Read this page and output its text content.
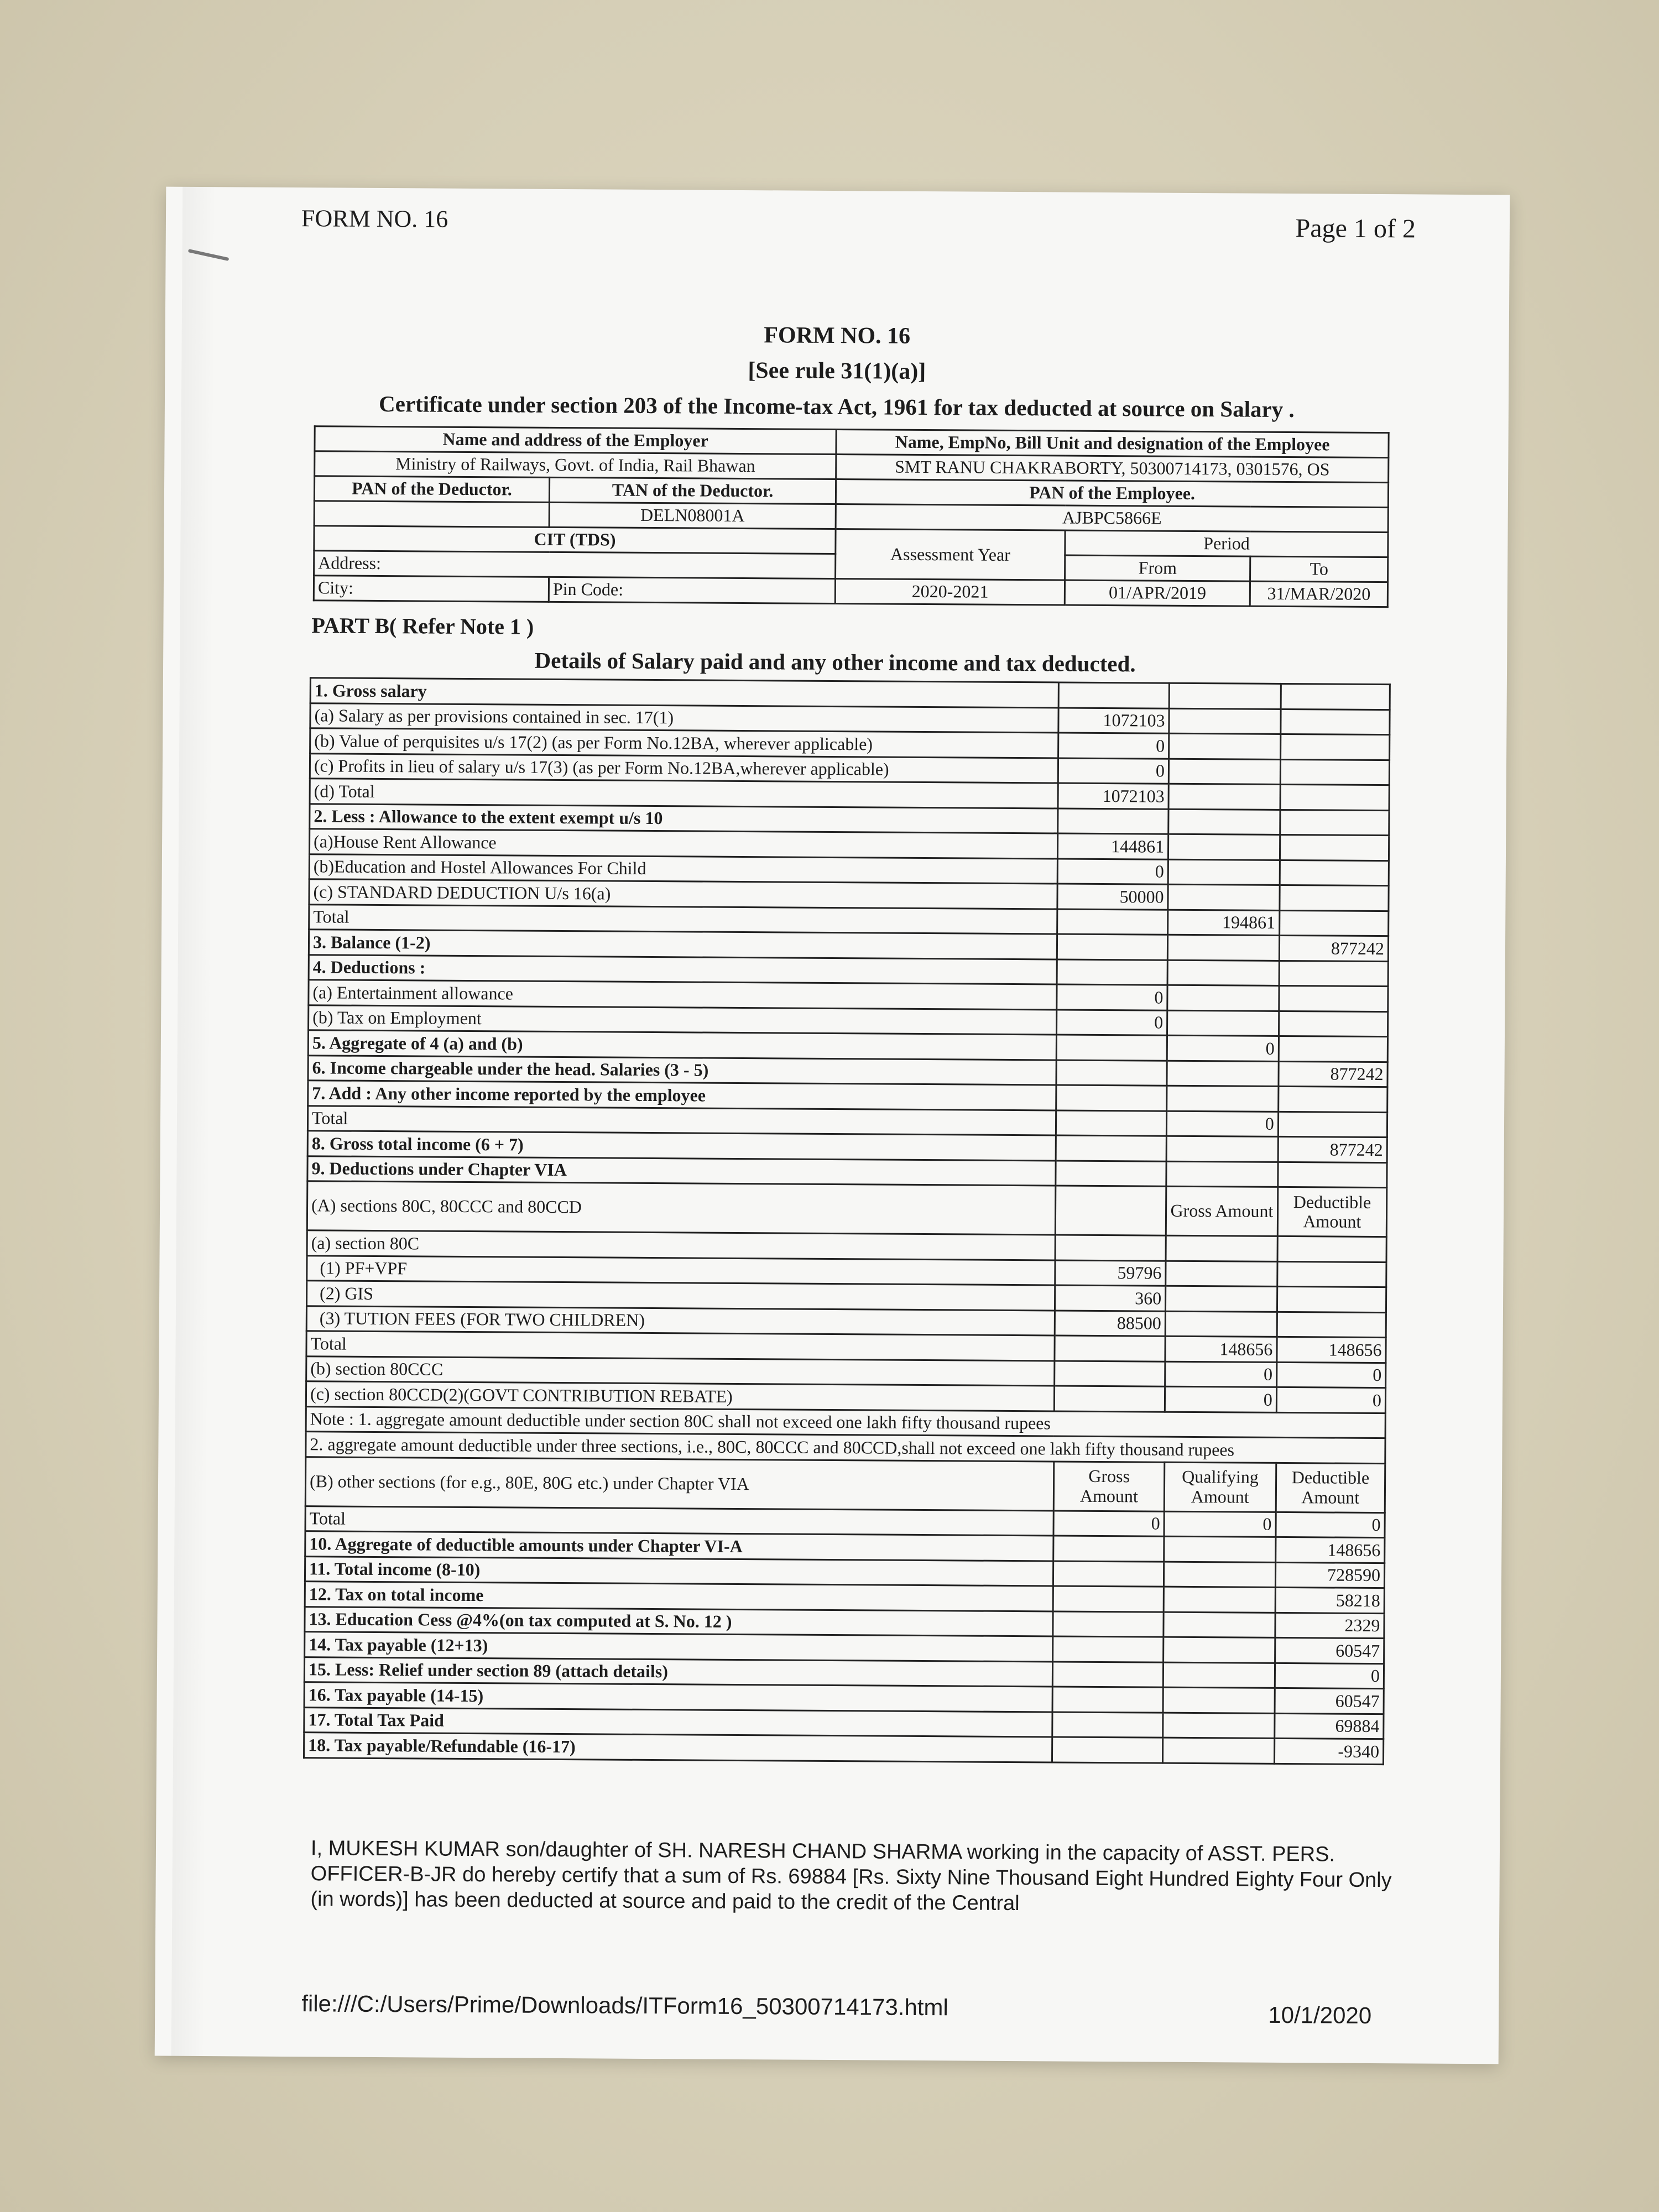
FORM NO. 16	Page 1 of 2
FORM NO. 16
[See rule 31(1)(a)]
Certificate under section 203 of the Income-tax Act, 1961 for tax deducted at source on Salary .
Name and address of the Employer		Name, EmpNo, Bill Unit and designation of the Employee		
Ministry of Railways, Govt. of India, Rail Bhawan		SMT RANU CHAKRABORTY, 50300714173, 0301576, OS		
PAN of the Deductor.	TAN of the Deductor.	PAN of the Employee.		
	DELN08001A	AJBPC5866E		
CIT (TDS)		Assessment Year	Period	
Address:			From	To
City:	Pin Code:	2020-2021	01/APR/2019	31/MAR/2020
PART B( Refer Note 1 )
Details of Salary paid and any other income and tax deducted.
1. Gross salary			
(a) Salary as per provisions contained in sec. 17(1)	1072103		
(b) Value of perquisites u/s 17(2) (as per Form No.12BA, wherever applicable)	0		
(c) Profits in lieu of salary u/s 17(3) (as per Form No.12BA,wherever applicable)	0		
(d) Total	1072103		
2. Less : Allowance to the extent exempt u/s 10			
(a)House Rent Allowance	144861		
(b)Education and Hostel Allowances For Child	0		
(c) STANDARD DEDUCTION U/s 16(a)	50000		
Total		194861	
3. Balance (1-2)			877242
4. Deductions :			
(a) Entertainment allowance	0		
(b) Tax on Employment	0		
5. Aggregate of 4 (a) and (b)		0	
6. Income chargeable under the head. Salaries (3 - 5)			877242
7. Add : Any other income reported by the employee			
Total		0	
8. Gross total income (6 + 7)			877242
9. Deductions under Chapter VIA			
(A) sections 80C, 80CCC and 80CCD		Gross Amount	Deductible Amount
(a) section 80C			
(1) PF+VPF	59796		
(2) GIS	360		
(3) TUTION FEES (FOR TWO CHILDREN)	88500		
Total		148656	148656
(b) section 80CCC		0	0
(c) section 80CCD(2)(GOVT CONTRIBUTION REBATE)		0	0
Note : 1. aggregate amount deductible under section 80C shall not exceed one lakh fifty thousand rupees			
2. aggregate amount deductible under three sections, i.e., 80C, 80CCC and 80CCD,shall not exceed one lakh fifty thousand rupees			
(B) other sections (for e.g., 80E, 80G etc.) under Chapter VIA	Gross Amount	Qualifying Amount	Deductible Amount
Total	0	0	0
10. Aggregate of deductible amounts under Chapter VI-A			148656
11. Total income (8-10)			728590
12. Tax on total income			58218
13. Education Cess @4%(on tax computed at S. No. 12 )			2329
14. Tax payable (12+13)			60547
15. Less: Relief under section 89 (attach details)			0
16. Tax payable (14-15)			60547
17. Total Tax Paid			69884
18. Tax payable/Refundable (16-17)			-9340
I, MUKESH KUMAR son/daughter of SH. NARESH CHAND SHARMA working in the capacity of ASST. PERS. OFFICER-B-JR do hereby certify that a sum of Rs. 69884 [Rs. Sixty Nine Thousand Eight Hundred Eighty Four Only (in words)] has been deducted at source and paid to the credit of the Central
file:///C:/Users/Prime/Downloads/ITForm16_50300714173.html	10/1/2020
